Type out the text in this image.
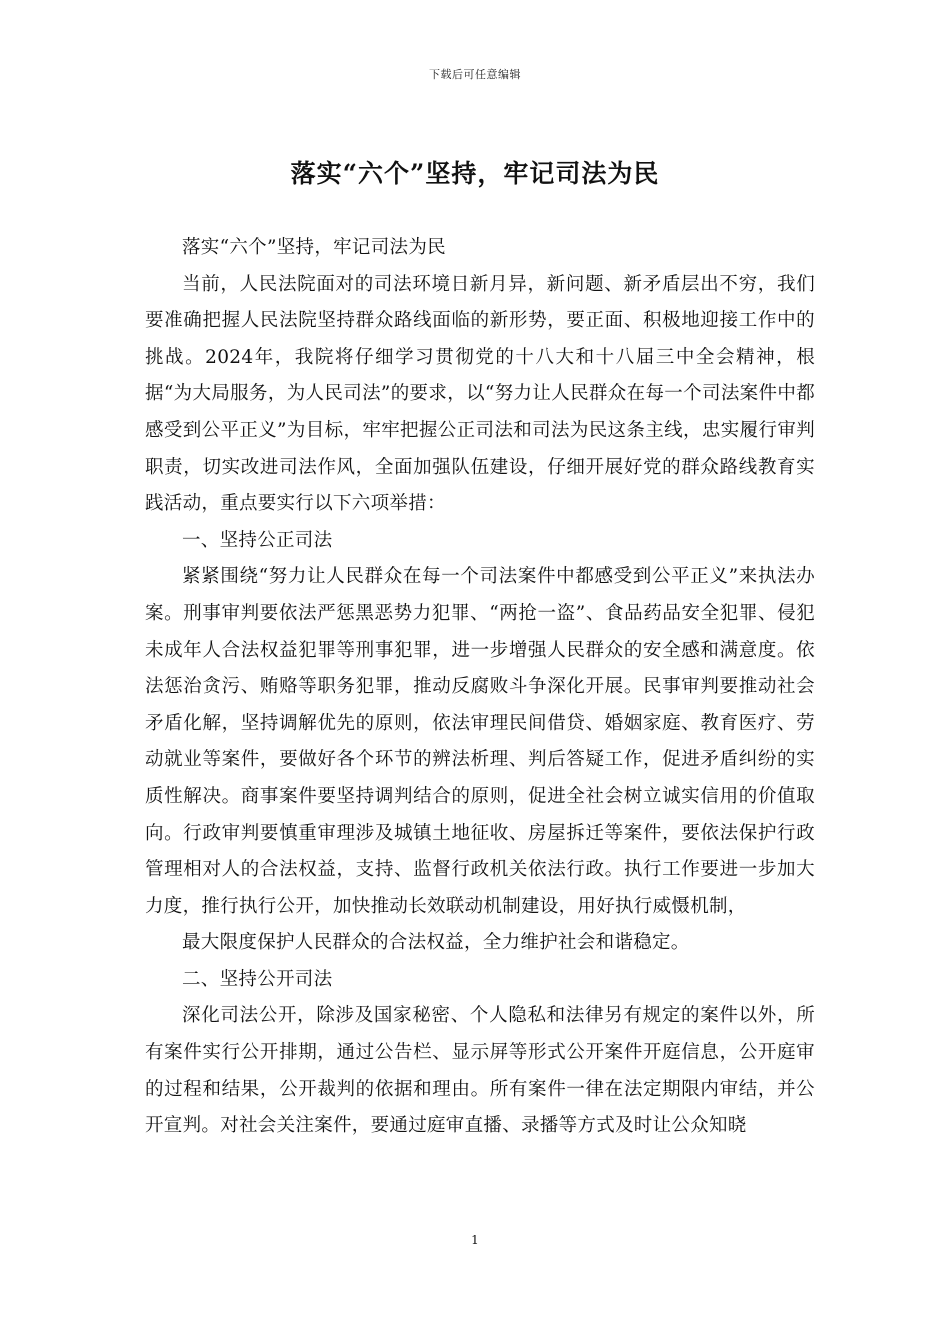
下载后可任意编辑
落实“六个”坚持，牢记司法为民

落实“六个”坚持，牢记司法为民

当前，人民法院面对的司法环境日新月异，新问题、新矛盾层出不穷，我们要准确把握人民法院坚持群众路线面临的新形势，要正面、积极地迎接工作中的挑战。2024年，我院将仔细学习贯彻党的十八大和十八届三中全会精神，根据“为大局服务，为人民司法”的要求，以“努力让人民群众在每一个司法案件中都感受到公平正义”为目标，牢牢把握公正司法和司法为民这条主线，忠实履行审判职责，切实改进司法作风，全面加强队伍建设，仔细开展好党的群众路线教育实践活动，重点要实行以下六项举措：

一、坚持公正司法

紧紧围绕“努力让人民群众在每一个司法案件中都感受到公平正义”来执法办案。刑事审判要依法严惩黑恶势力犯罪、“两抢一盗”、食品药品安全犯罪、侵犯未成年人合法权益犯罪等刑事犯罪，进一步增强人民群众的安全感和满意度。依法惩治贪污、贿赂等职务犯罪，推动反腐败斗争深化开展。民事审判要推动社会矛盾化解，坚持调解优先的原则，依法审理民间借贷、婚姻家庭、教育医疗、劳动就业等案件，要做好各个环节的辨法析理、判后答疑工作，促进矛盾纠纷的实质性解决。商事案件要坚持调判结合的原则，促进全社会树立诚实信用的价值取向。行政审判要慎重审理涉及城镇土地征收、房屋拆迁等案件，要依法保护行政管理相对人的合法权益，支持、监督行政机关依法行政。执行工作要进一步加大力度，推行执行公开，加快推动长效联动机制建设，用好执行威慑机制，

最大限度保护人民群众的合法权益，全力维护社会和谐稳定。

二、坚持公开司法

深化司法公开，除涉及国家秘密、个人隐私和法律另有规定的案件以外，所有案件实行公开排期，通过公告栏、显示屏等形式公开案件开庭信息，公开庭审的过程和结果，公开裁判的依据和理由。所有案件一律在法定期限内审结，并公开宣判。对社会关注案件，要通过庭审直播、录播等方式及时让公众知晓

1
